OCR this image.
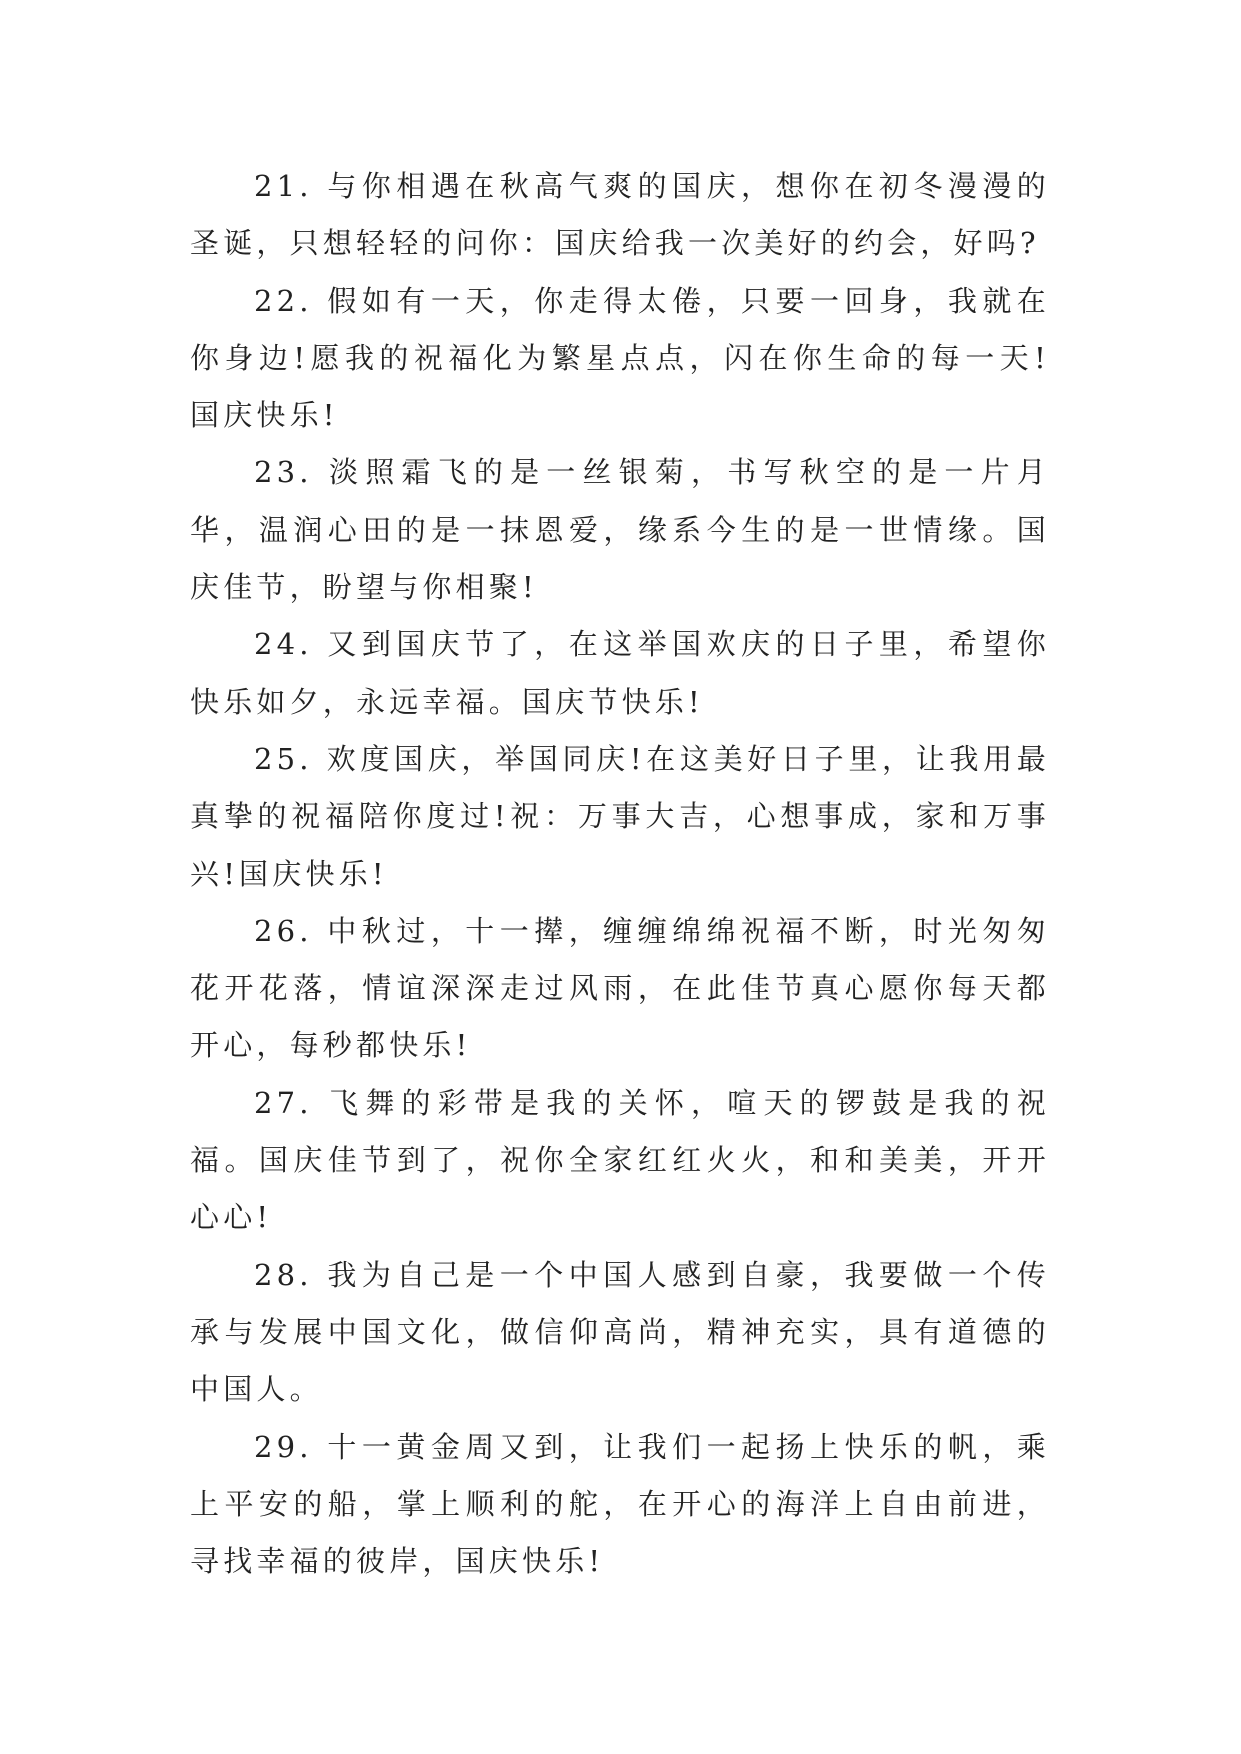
21. 与你相遇在秋高气爽的国庆，想你在初冬漫漫的圣诞，只想轻轻的问你：国庆给我一次美好的约会，好吗?

22. 假如有一天，你走得太倦，只要一回身，我就在你身边!愿我的祝福化为繁星点点，闪在你生命的每一天!国庆快乐!

23. 淡照霜飞的是一丝银菊，书写秋空的是一片月华，温润心田的是一抹恩爱，缘系今生的是一世情缘。国庆佳节，盼望与你相聚!

24. 又到国庆节了，在这举国欢庆的日子里，希望你快乐如夕，永远幸福。国庆节快乐!

25. 欢度国庆，举国同庆!在这美好日子里，让我用最真挚的祝福陪你度过!祝：万事大吉，心想事成，家和万事兴!国庆快乐!

26. 中秋过，十一撵，缠缠绵绵祝福不断，时光匆匆花开花落，情谊深深走过风雨，在此佳节真心愿你每天都开心，每秒都快乐!

27. 飞舞的彩带是我的关怀，喧天的锣鼓是我的祝福。国庆佳节到了，祝你全家红红火火，和和美美，开开心心!

28. 我为自己是一个中国人感到自豪，我要做一个传承与发展中国文化，做信仰高尚，精神充实，具有道德的中国人。

29. 十一黄金周又到，让我们一起扬上快乐的帆，乘上平安的船，掌上顺利的舵，在开心的海洋上自由前进，寻找幸福的彼岸，国庆快乐!
